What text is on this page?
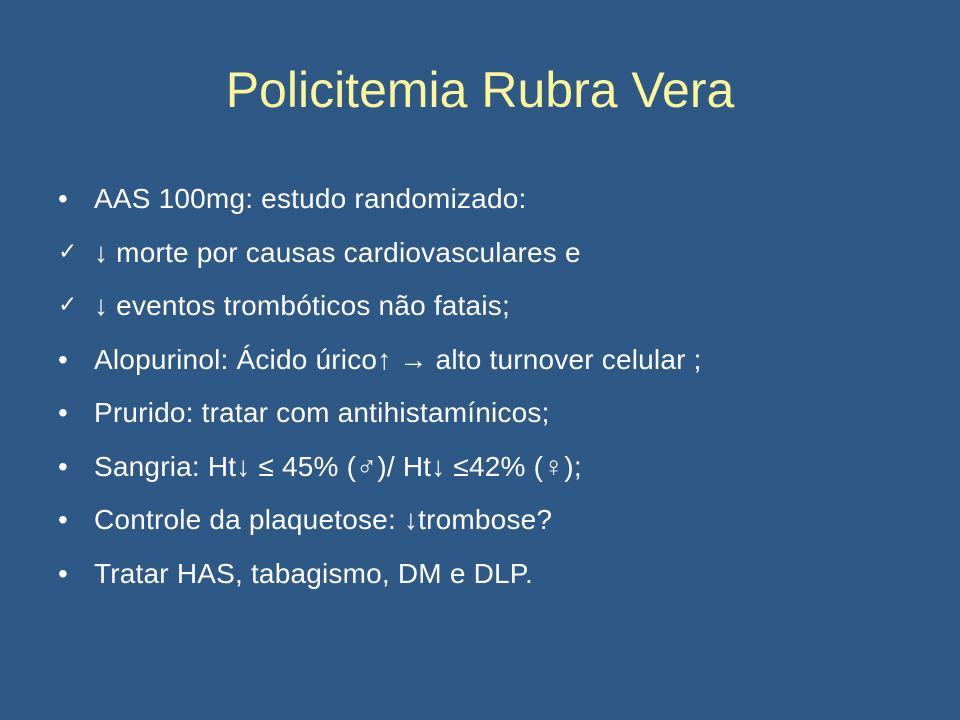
Policitemia Rubra Vera
• AAS 100mg: estudo randomizado:
✓ ↓ morte por causas cardiovasculares e
✓ ↓ eventos trombóticos não fatais;
• Alopurinol: Ácido úrico↑ → alto turnover celular ;
• Prurido: tratar com antihistamínicos;
• Sangria: Ht↓ ≤ 45% (♂)/ Ht↓ ≤42% (♀);
• Controle da plaquetose: ↓trombose?
• Tratar HAS, tabagismo, DM e DLP.
